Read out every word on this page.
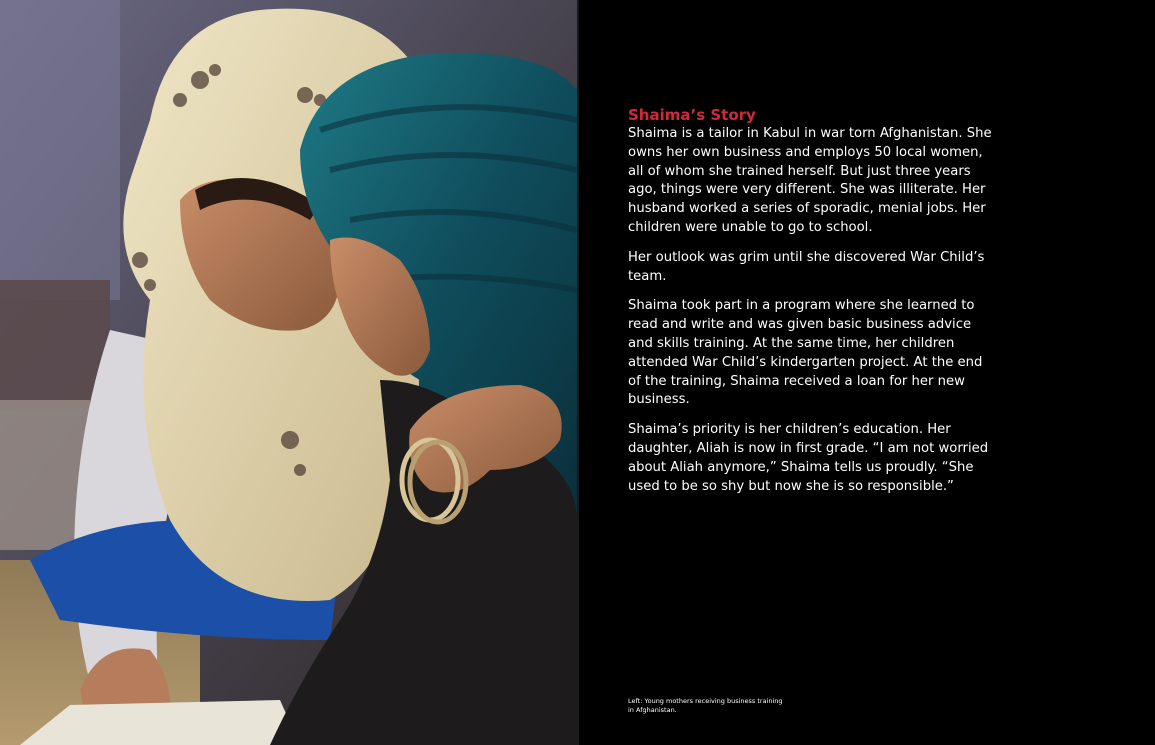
Shaima’s Story

Shaima is a tailor in Kabul in war torn Afghanistan. She owns her own business and employs 50 local women, all of whom she trained herself. But just three years ago, things were very different. She was illiterate. Her husband worked a series of sporadic, menial jobs. Her children were unable to go to school.

Her outlook was grim until she discovered War Child’s team.

Shaima took part in a program where she learned to read and write and was given basic business advice and skills training. At the same time, her children attended War Child’s kindergarten project. At the end of the training, Shaima received a loan for her new business.

Shaima’s priority is her children’s education. Her daughter, Aliah is now in first grade. “I am not worried about Aliah anymore,” Shaima tells us proudly. “She used to be so shy but now she is so responsible.”

Left: Young mothers receiving business training in Afghanistan.
